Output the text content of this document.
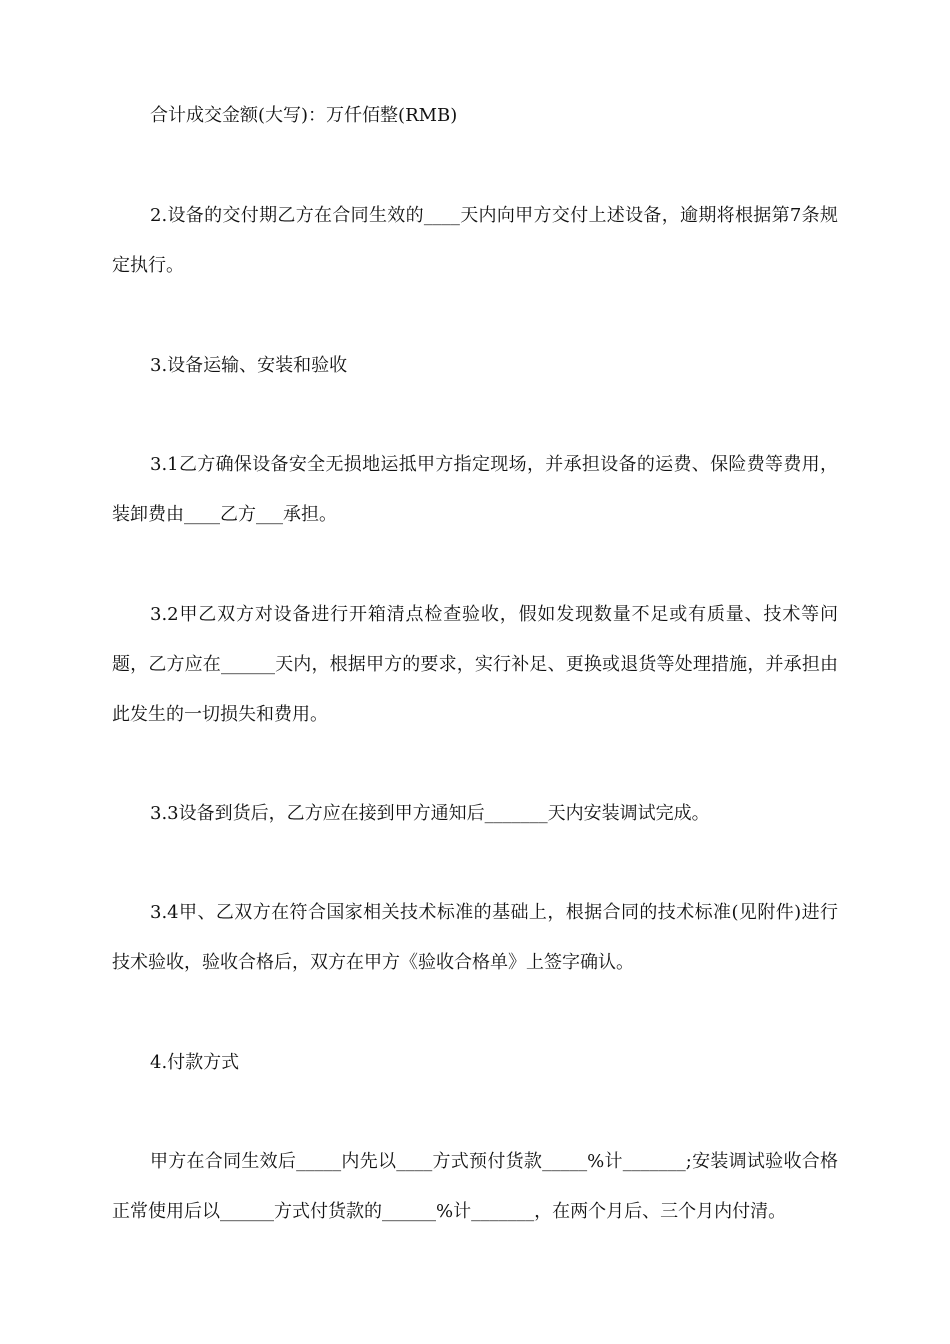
合计成交金额(大写)：万仟佰整(RMB)

2.设备的交付期乙方在合同生效的____天内向甲方交付上述设备，逾期将根据第7条规定执行。

3.设备运输、安装和验收

3.1乙方确保设备安全无损地运抵甲方指定现场，并承担设备的运费、保险费等费用，装卸费由____乙方___承担。

3.2甲乙双方对设备进行开箱清点检查验收，假如发现数量不足或有质量、技术等问题，乙方应在______天内，根据甲方的要求，实行补足、更换或退货等处理措施，并承担由此发生的一切损失和费用。

3.3设备到货后，乙方应在接到甲方通知后_______天内安装调试完成。

3.4甲、乙双方在符合国家相关技术标准的基础上，根据合同的技术标准(见附件)进行技术验收，验收合格后，双方在甲方《验收合格单》上签字确认。

4.付款方式

甲方在合同生效后_____内先以____方式预付货款_____%计_______;安装调试验收合格正常使用后以______方式付货款的______%计_______，在两个月后、三个月内付清。
